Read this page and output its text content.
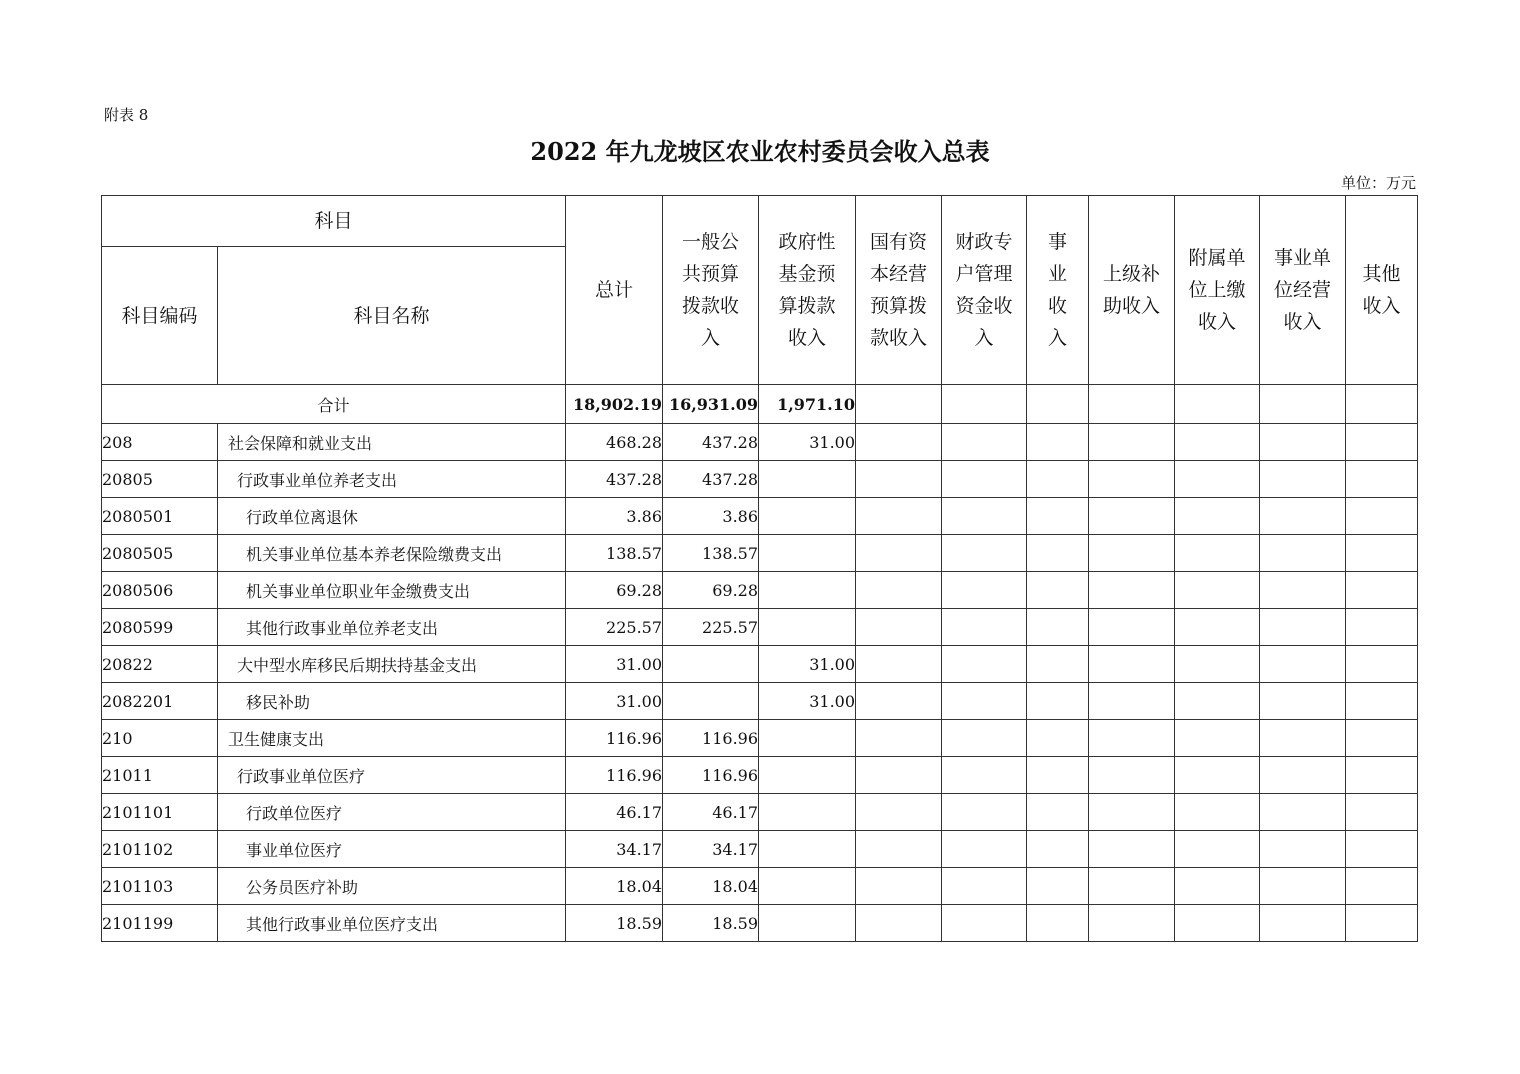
附表 8
2022 年九龙坡区农业农村委员会收入总表
单位：万元
科目		总计	一般公共预算拨款收入	政府性基金预算拨款收入	国有资本经营预算拨款收入	财政专户管理资金收入	事业收入	上级补助收入	附属单位上缴收入	事业单位经营收入	其他收入
科目编码	科目名称										
合计		18,902.19	16,931.09	1,971.10							
208	社会保障和就业支出	468.28	437.28	31.00							
20805	行政事业单位养老支出	437.28	437.28								
2080501	行政单位离退休	3.86	3.86								
2080505	机关事业单位基本养老保险缴费支出	138.57	138.57								
2080506	机关事业单位职业年金缴费支出	69.28	69.28								
2080599	其他行政事业单位养老支出	225.57	225.57								
20822	大中型水库移民后期扶持基金支出	31.00		31.00							
2082201	移民补助	31.00		31.00							
210	卫生健康支出	116.96	116.96								
21011	行政事业单位医疗	116.96	116.96								
2101101	行政单位医疗	46.17	46.17								
2101102	事业单位医疗	34.17	34.17								
2101103	公务员医疗补助	18.04	18.04								
2101199	其他行政事业单位医疗支出	18.59	18.59								
